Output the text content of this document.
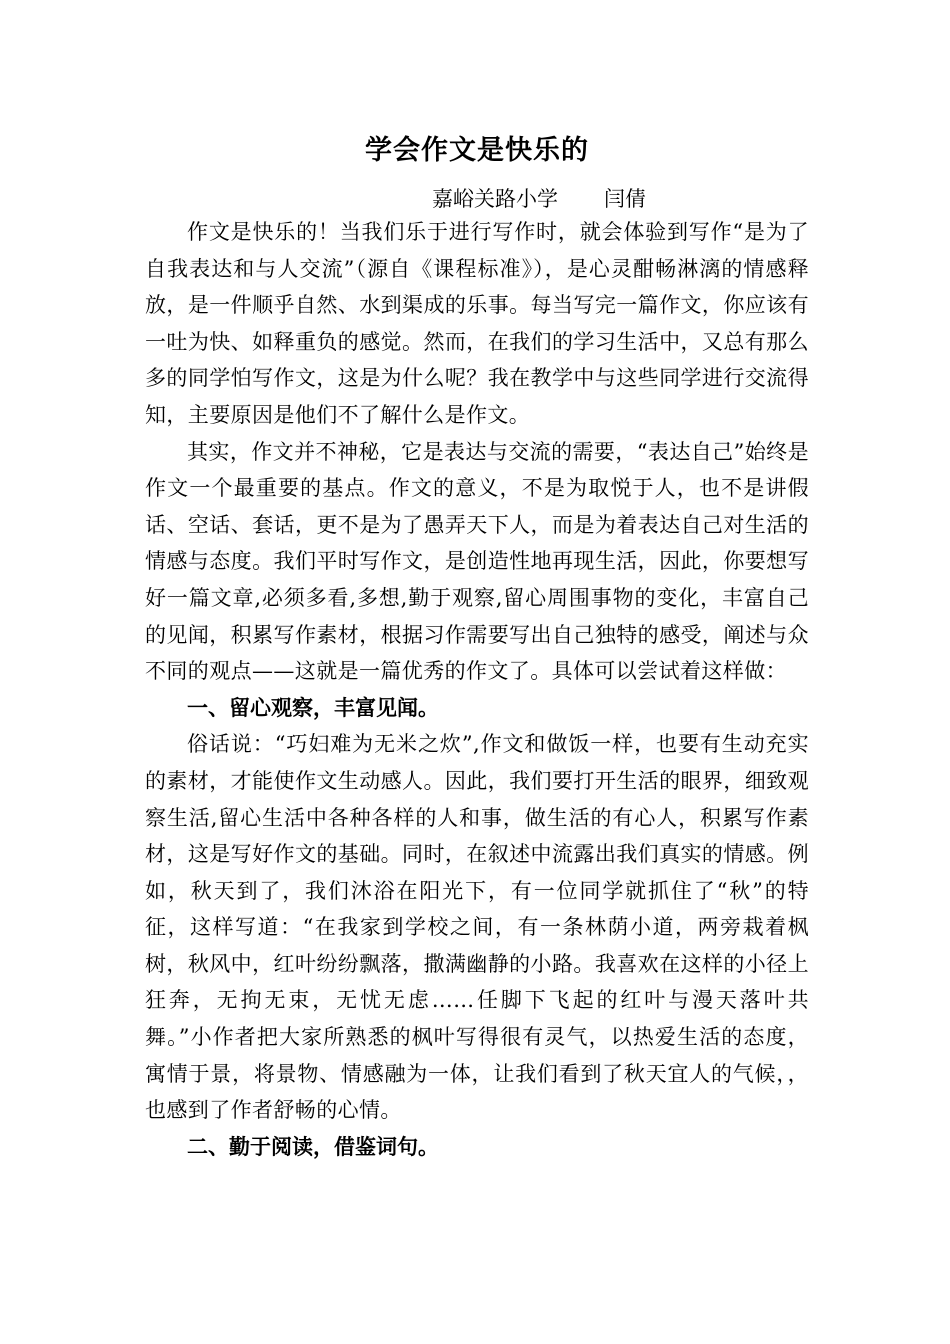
学会作文是快乐的
嘉峪关路小学 闫倩

作文是快乐的！当我们乐于进行写作时，就会体验到写作“是为了自我表达和与人交流”（源自《课程标准》），是心灵酣畅淋漓的情感释放，是一件顺乎自然、水到渠成的乐事。每当写完一篇作文，你应该有一吐为快、如释重负的感觉。然而，在我们的学习生活中，又总有那么多的同学怕写作文，这是为什么呢？我在教学中与这些同学进行交流得知，主要原因是他们不了解什么是作文。

其实，作文并不神秘，它是表达与交流的需要，“表达自己”始终是作文一个最重要的基点。作文的意义，不是为取悦于人，也不是讲假话、空话、套话，更不是为了愚弄天下人，而是为着表达自己对生活的情感与态度。我们平时写作文，是创造性地再现生活，因此，你要想写好一篇文章,必须多看,多想,勤于观察,留心周围事物的变化，丰富自己的见闻，积累写作素材，根据习作需要写出自己独特的感受，阐述与众不同的观点——这就是一篇优秀的作文了。具体可以尝试着这样做：

一、留心观察，丰富见闻。

俗话说：“巧妇难为无米之炊”,作文和做饭一样，也要有生动充实的素材，才能使作文生动感人。因此，我们要打开生活的眼界，细致观察生活,留心生活中各种各样的人和事，做生活的有心人，积累写作素材，这是写好作文的基础。同时，在叙述中流露出我们真实的情感。例如，秋天到了，我们沐浴在阳光下，有一位同学就抓住了“秋”的特征，这样写道：“在我家到学校之间，有一条林荫小道，两旁栽着枫树，秋风中，红叶纷纷飘落，撒满幽静的小路。我喜欢在这样的小径上狂奔，无拘无束，无忧无虑……任脚下飞起的红叶与漫天落叶共舞。”小作者把大家所熟悉的枫叶写得很有灵气，以热爱生活的态度，寓情于景，将景物、情感融为一体，让我们看到了秋天宜人的气候，，也感到了作者舒畅的心情。

二、勤于阅读，借鉴词句。
